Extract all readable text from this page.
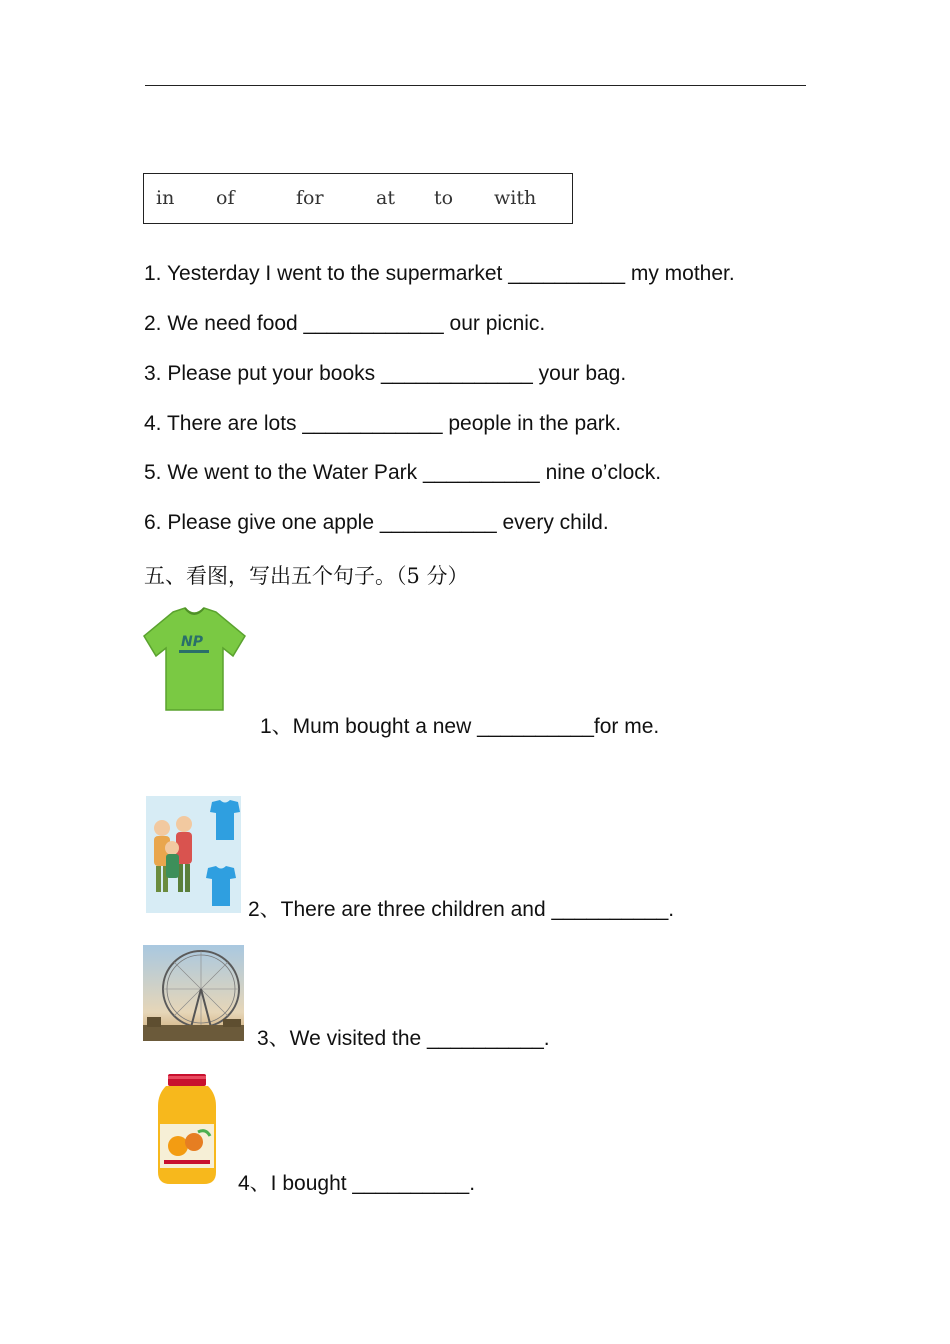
in of	for	at to with
1. Yesterday I went to the supermarket __________ my mother.
2. We need food ____________ our picnic.
3. Please put your books _____________ your bag.
4. There are lots ____________ people in the park.
5. We went to the Water Park __________ nine o’clock.
6. Please give one apple __________ every child.
五、看图，写出五个句子。（5 分）
NP
1、Mum bought a new __________for me.
2、There are three children and __________.
3、We visited the __________.
4、I bought __________.
